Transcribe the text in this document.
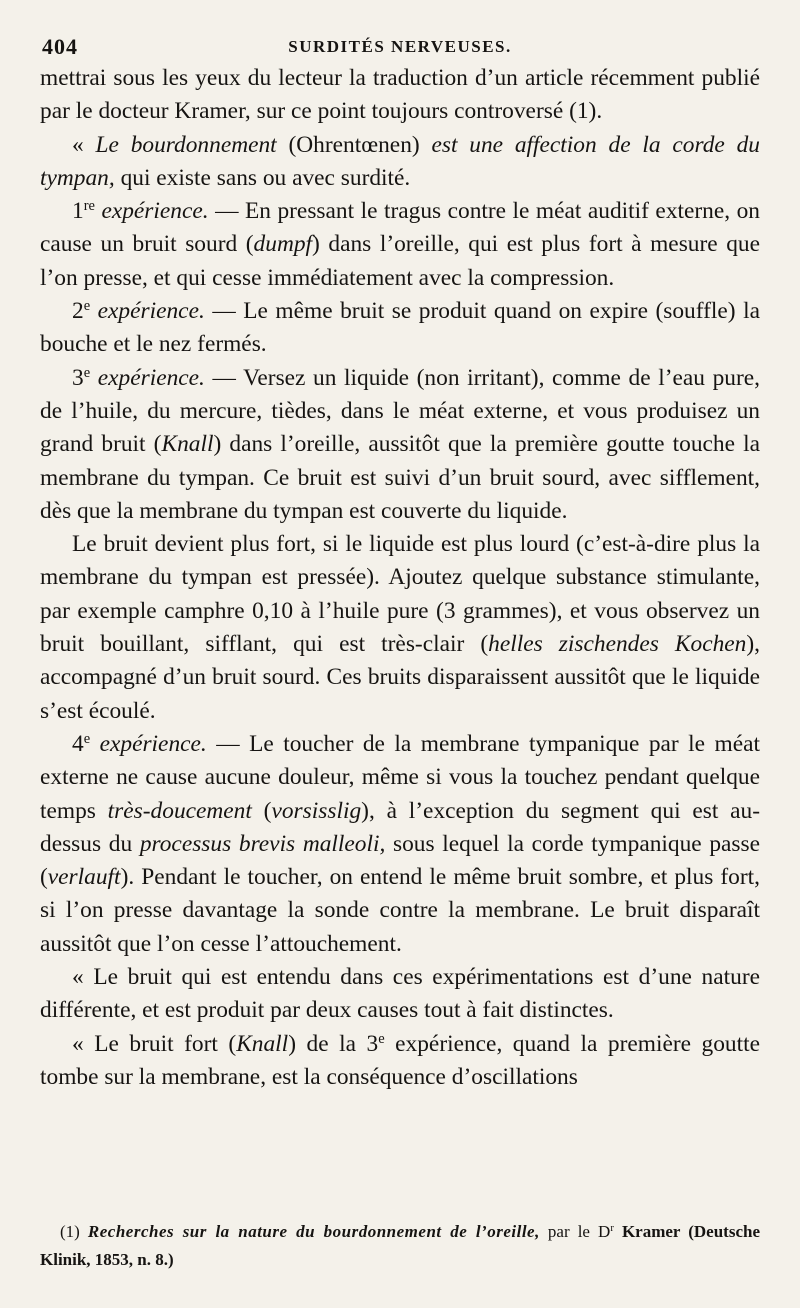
404	SURDITÉS NERVEUSES.

mettrai sous les yeux du lecteur la traduction d’un article récemment publié par le docteur Kramer, sur ce point toujours controversé (1).

« Le bourdonnement (Ohrentœnen) est une affection de la corde du tympan, qui existe sans ou avec surdité.

1re expérience. — En pressant le tragus contre le méat auditif externe, on cause un bruit sourd (dumpf) dans l’oreille, qui est plus fort à mesure que l’on presse, et qui cesse immédiatement avec la compression.

2e expérience. — Le même bruit se produit quand on expire (souffle) la bouche et le nez fermés.

3e expérience. — Versez un liquide (non irritant), comme de l’eau pure, de l’huile, du mercure, tièdes, dans le méat externe, et vous produisez un grand bruit (Knall) dans l’oreille, aussitôt que la première goutte touche la membrane du tympan. Ce bruit est suivi d’un bruit sourd, avec sifflement, dès que la membrane du tympan est couverte du liquide.

Le bruit devient plus fort, si le liquide est plus lourd (c’est-à-dire plus la membrane du tympan est pressée). Ajoutez quelque substance stimulante, par exemple camphre 0,10 à l’huile pure (3 grammes), et vous observez un bruit bouillant, sifflant, qui est très-clair (helles zischendes Kochen), accompagné d’un bruit sourd. Ces bruits disparaissent aussitôt que le liquide s’est écoulé.

4e expérience. — Le toucher de la membrane tympanique par le méat externe ne cause aucune douleur, même si vous la touchez pendant quelque temps très-doucement (vorsisslig), à l’exception du segment qui est au-dessus du processus brevis malleoli, sous lequel la corde tympanique passe (verlauft). Pendant le toucher, on entend le même bruit sombre, et plus fort, si l’on presse davantage la sonde contre la membrane. Le bruit disparaît aussitôt que l’on cesse l’attouchement.

« Le bruit qui est entendu dans ces expérimentations est d’une nature différente, et est produit par deux causes tout à fait distinctes.

« Le bruit fort (Knall) de la 3e expérience, quand la première goutte tombe sur la membrane, est la conséquence d’oscillations

(1) Recherches sur la nature du bourdonnement de l’oreille, par le $D^r$ Kramer (Deutsche Klinik, 1853, n. 8.)
